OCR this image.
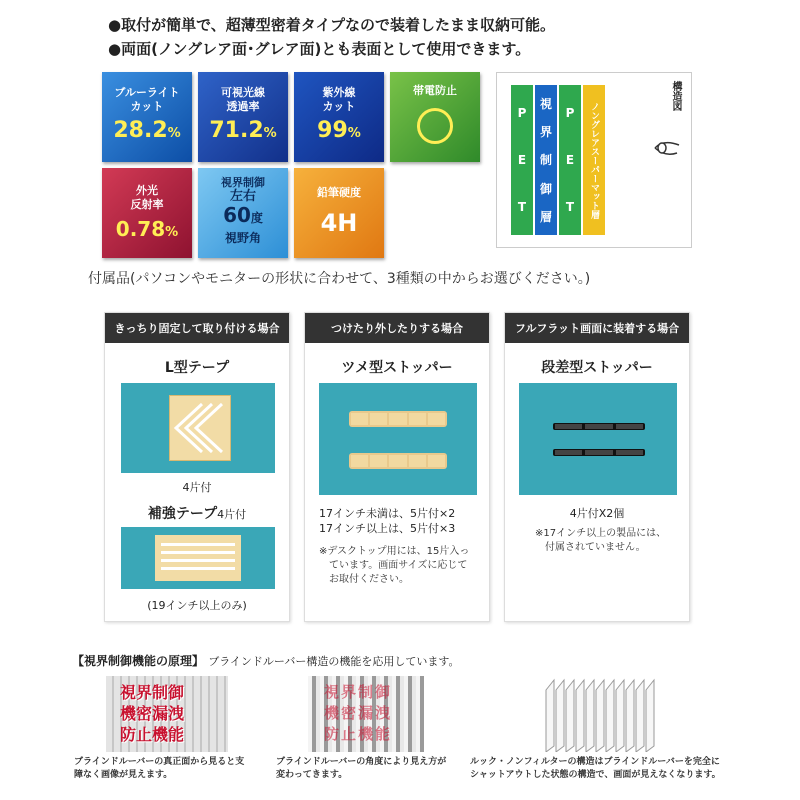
●取付が簡単で、超薄型密着タイプなので装着したまま収納可能。
●両面(ノングレア面･グレア面)とも表面として使用できます。
ブルーライト
カット
28.2%
可視光線
透過率
71.2%
紫外線
カット
99%
帯電防止
外光
反射率
0.78%
視界制御
左右
60度
視野角
鉛筆硬度
4H
P
E
T
視
界
制
御
層
P
E
T ノングレアスーパーマット層
構造図
付属品(パソコンやモニターの形状に合わせて、3種類の中からお選びください。)
きっちり固定して取り付ける場合
L型テープ
4片付
補強テープ4片付
(19インチ以上のみ)
つけたり外したりする場合
ツメ型ストッパー
17インチ未満は、5片付×2
17インチ以上は、5片付×3
※デスクトップ用には、15片入っ
ています。画面サイズに応じて
お取付ください。
フルフラット画面に装着する場合
段差型ストッパー
4片付X2個
※17インチ以上の製品には、
付属されていません。
【視界制御機能の原理】 ブラインドルーバー構造の機能を応用しています。
視界制御
機密漏洩
防止機能
視界制御
機密漏洩
防止機能
ブラインドルーバーの真正面から見ると支
障なく画像が見えます。
ブラインドルーバーの角度により見え方が
変わってきます。
ルック・ノンフィルターの構造はブラインドルーバーを完全に
シャットアウトした状態の構造で、画面が見えなくなります。
